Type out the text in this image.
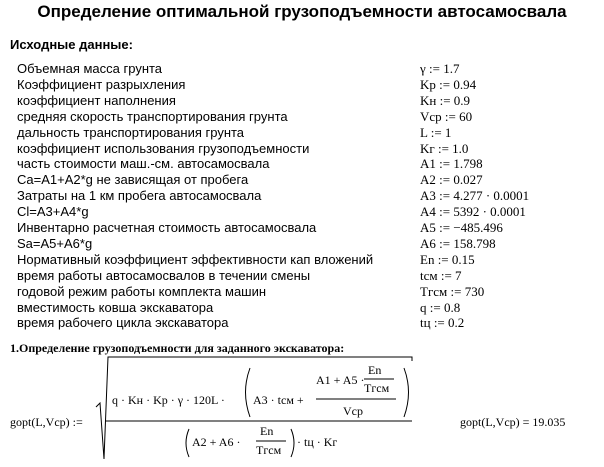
Определение оптимальной грузоподъемности автосамосвала
Исходные данные:
Объемная масса грунта	γ := 1.7
Коэффициент разрыхления	Kp := 0.94
коэффициент наполнения	Kн := 0.9
средняя скорость транспортирования грунта	Vcp := 60
дальность транспортирования грунта	L := 1
коэффициент использования грузоподъемности	Kг := 1.0
часть стоимости маш.-см. автосамосвала	A1 := 1.798
Ca=A1+A2*g не зависящая от пробега	A2 := 0.027
Затраты на 1 км пробега автосамосвала	A3 := 4.277 · 0.0001
Cl=A3+A4*g	A4 := 5392 · 0.0001
Инвентарно расчетная стоимость автосамосвала	A5 := −485.496
Sa=A5+A6*g	A6 := 158.798
Нормативный коэффициент эффективности кап вложений	En := 0.15
время работы автосамосвалов в течении смены	tсм := 7
годовой режим работы комплекта машин	Tгсм := 730
вместимость ковша экскаватора	q := 0.8
время рабочего цикла экскаватора	tц := 0.2
1.Определение грузоподъемности для заданного экскаватора:
gopt(L,Vcp) :=
q · Kн · Kp · γ · 120L · A3 · tсм +
A1 + A5 ·
En
Tгсм
Vcp
A2 + A6 ·
En
Tгсм
· tц · Kг
gopt(L,Vcp) = 19.035
